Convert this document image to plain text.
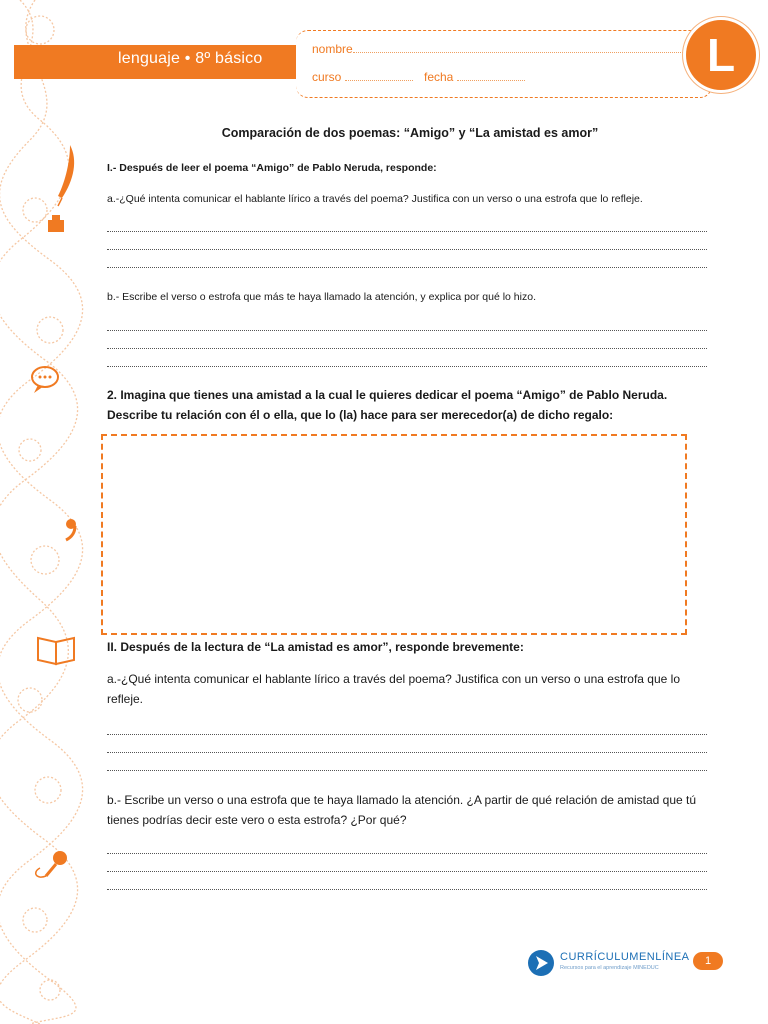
lenguaje • 8º básico
nombre
curso	fecha	L
Comparación de dos poemas: “Amigo” y “La amistad es amor”
I.- Después de leer el poema “Amigo” de Pablo Neruda, responde:
a.-¿Qué intenta comunicar el hablante lírico a través del poema? Justifica con un verso o una estrofa que lo refleje.
b.- Escribe el verso o estrofa que más te haya llamado la atención, y explica por qué lo hizo.
2. Imagina que tienes una amistad a la cual le quieres dedicar el poema “Amigo” de Pablo Neruda. Describe tu relación con él o ella, que lo (la) hace para ser merecedor(a) de dicho regalo:
II. Después de la lectura de “La amistad es amor”, responde brevemente:
a.-¿Qué intenta comunicar el hablante lírico a través del poema? Justifica con un verso o una estrofa que lo refleje.
b.- Escribe un verso o una estrofa que te haya llamado la atención. ¿A partir de qué relación de amistad que tú tienes podrías decir este vero o esta estrofa? ¿Por qué?
CURRÍCULUMENLÍNEA
Recursos para el aprendizaje MINEDUC
1
